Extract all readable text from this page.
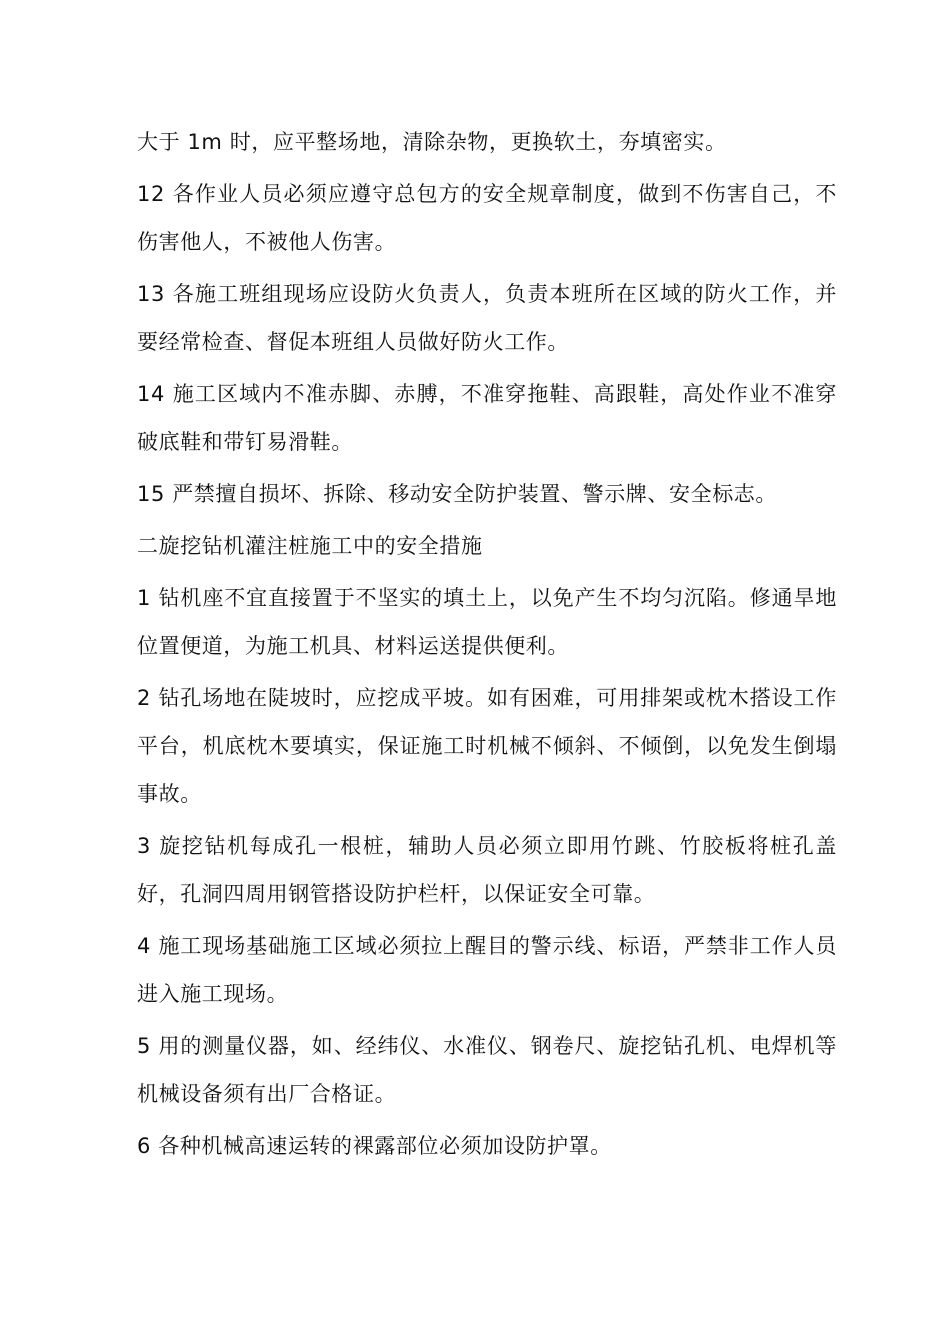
大于 1m 时，应平整场地，清除杂物，更换软土，夯填密实。

12 各作业人员必须应遵守总包方的安全规章制度，做到不伤害自己，不伤害他人，不被他人伤害。

13 各施工班组现场应设防火负责人，负责本班所在区域的防火工作，并要经常检查、督促本班组人员做好防火工作。

14 施工区域内不准赤脚、赤膊，不准穿拖鞋、高跟鞋，高处作业不准穿破底鞋和带钉易滑鞋。

15 严禁擅自损坏、拆除、移动安全防护装置、警示牌、安全标志。

二旋挖钻机灌注桩施工中的安全措施

1 钻机座不宜直接置于不坚实的填土上，以免产生不均匀沉陷。修通旱地位置便道，为施工机具、材料运送提供便利。

2 钻孔场地在陡坡时，应挖成平坡。如有困难，可用排架或枕木搭设工作平台，机底枕木要填实，保证施工时机械不倾斜、不倾倒，以免发生倒塌事故。

3 旋挖钻机每成孔一根桩，辅助人员必须立即用竹跳、竹胶板将桩孔盖好，孔洞四周用钢管搭设防护栏杆，以保证安全可靠。

4 施工现场基础施工区域必须拉上醒目的警示线、标语，严禁非工作人员进入施工现场。

5 用的测量仪器，如、经纬仪、水准仪、钢卷尺、旋挖钻孔机、电焊机等机械设备须有出厂合格证。

6 各种机械高速运转的裸露部位必须加设防护罩。
